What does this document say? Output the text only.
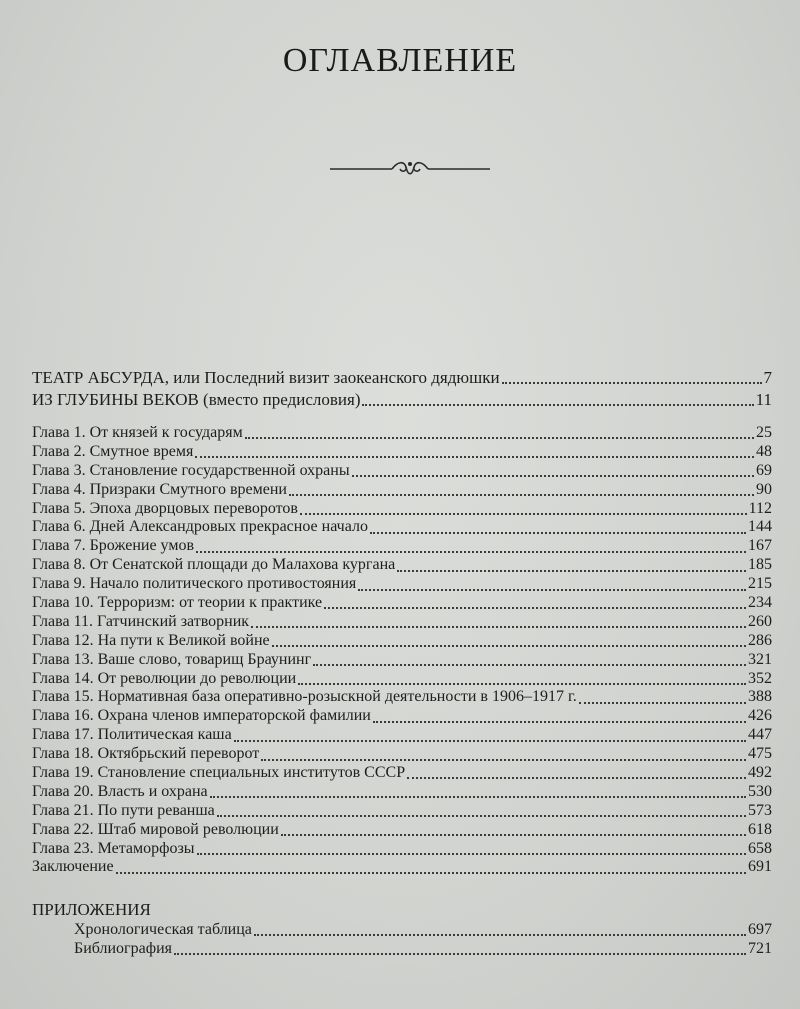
ОГЛАВЛЕНИЕ
ТЕАТР АБСУРДА, или Последний визит заокеанского дядюшки	7
ИЗ ГЛУБИНЫ ВЕКОВ (вместо предисловия)	11
Глава 1. От князей к государям	25
Глава 2. Смутное время	48
Глава 3. Становление государственной охраны	69
Глава 4. Призраки Смутного времени	90
Глава 5. Эпоха дворцовых переворотов	112
Глава 6. Дней Александровых прекрасное начало	144
Глава 7. Брожение умов	167
Глава 8. От Сенатской площади до Малахова кургана	185
Глава 9. Начало политического противостояния	215
Глава 10. Терроризм: от теории к практике	234
Глава 11. Гатчинский затворник	260
Глава 12. На пути к Великой войне	286
Глава 13. Ваше слово, товарищ Браунинг	321
Глава 14. От революции до революции	352
Глава 15. Нормативная база оперативно-розыскной деятельности в 1906–1917 г.	388
Глава 16. Охрана членов императорской фамилии	426
Глава 17. Политическая каша	447
Глава 18. Октябрьский переворот	475
Глава 19. Становление специальных институтов СССР	492
Глава 20. Власть и охрана	530
Глава 21. По пути реванша	573
Глава 22. Штаб мировой революции	618
Глава 23. Метаморфозы	658
Заключение	691
ПРИЛОЖЕНИЯ
Хронологическая таблица	697
Библиография	721
